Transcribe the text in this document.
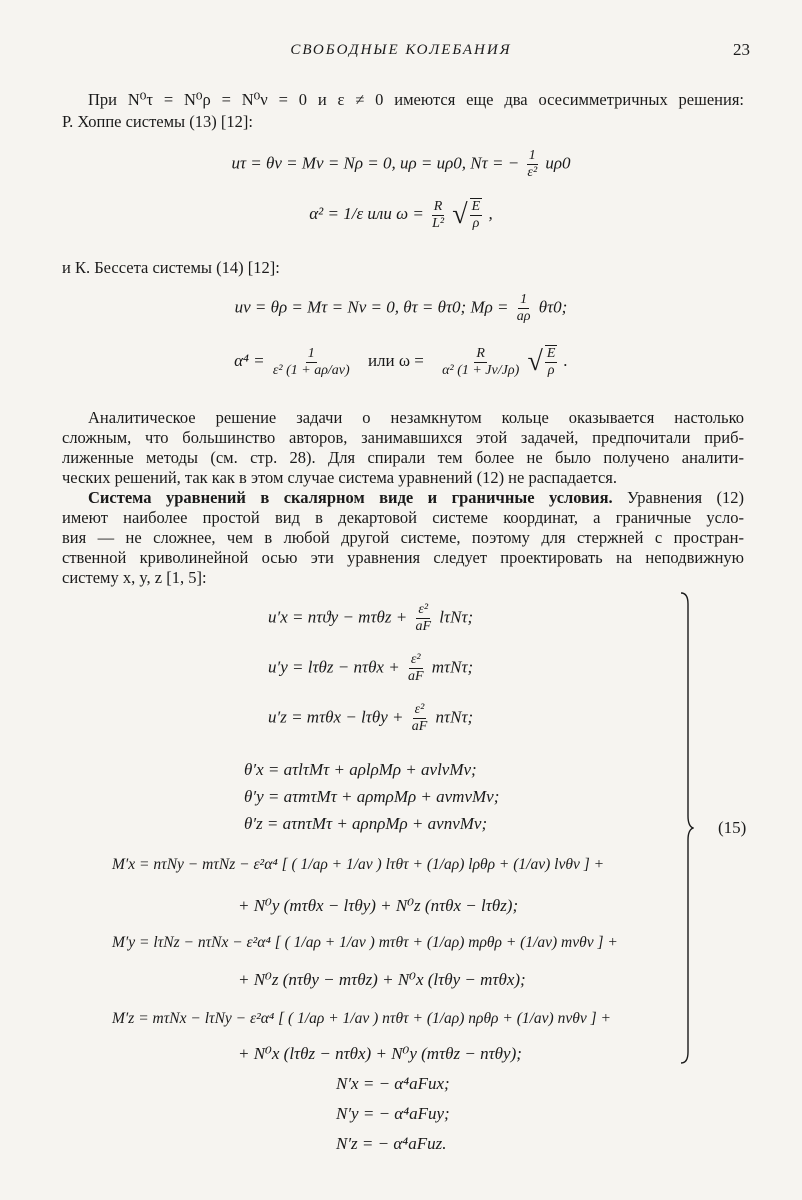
СВОБОДНЫЕ КОЛЕБАНИЯ	23
При N⁰τ = N⁰ρ = N⁰ν = 0 и ε ≠ 0 имеются еще два осесимметричных решения:
Р. Хоппе системы (13) [12]:
uτ = θν = Mν = Nρ = 0, uρ = uρ0, Nτ = − $\frac{1}{\text{ε²}} u\rho 0$
α² = 1/ε или $\omega = \frac{R}{\text{L²}}$ √ $\frac{E}{\rho}$ ,
и К. Бессета системы (14) [12]:
uν = θρ = Mτ = Nν = 0, θτ = θτ0; $M\rho = \frac{1}{a\rho} \theta\tau 0$;
$\alpha^4 = \frac{1}{\text{ε² (1 + aρ/aν)}}$ или $\omega = \frac{R}{\text{α² (1 + Jν/Jρ)}}$ √ $\frac{E}{\rho}$ .
Аналитическое решение задачи о незамкнутом кольце оказывается настолько
сложным, что большинство авторов, занимавшихся этой задачей, предпочитали приб-
лиженные методы (см. стр. 28). Для спирали тем более не было получено аналити-
ческих решений, так как в этом случае система уравнений (12) не распадается.
Система уравнений в скалярном виде и граничные условия. Уравнения (12)
имеют наиболее простой вид в декартовой системе координат, а граничные усло-
вия — не сложнее, чем в любой другой системе, поэтому для стержней с простран-
ственной криволинейной осью эти уравнения следует проектировать на неподвижную
систему x, y, z [1, 5]:
$u'x = n\tau ϑy - m\tau\theta z + \frac{\text{ε²}}{aF} l\tau N\tau$;
$u'y = l\tau\theta z - n\tau\theta x + \frac{\text{ε²}}{aF} m\tau N\tau$;
$u'z = m\tau\theta x - l\tau\theta y + \frac{\text{ε²}}{aF} n\tau N\tau$;
θ′x = aτlτMτ + aρlρMρ + aνlνMν;
θ′y = aτmτMτ + aρmρMρ + aνmνMν;
θ′z = aτnτMτ + aρnρMρ + aνnνMν;
M′x = nτNy − mτNz − ε²α⁴ [ ( 1/aρ + 1/aν ) lτθτ + (1/aρ) lρθρ + (1/aν) lνθν ] +
+ N⁰y (mτθx − lτθy) + N⁰z (nτθx − lτθz);
M′y = lτNz − nτNx − ε²α⁴ [ ( 1/aρ + 1/aν ) mτθτ + (1/aρ) mρθρ + (1/aν) mνθν ] +
+ N⁰z (nτθy − mτθz) + N⁰x (lτθy − mτθx);
M′z = mτNx − lτNy − ε²α⁴ [ ( 1/aρ + 1/aν ) nτθτ + (1/aρ) nρθρ + (1/aν) nνθν ] +
+ N⁰x (lτθz − nτθx) + N⁰y (mτθz − nτθy);
N′x = − α⁴aFux;
N′y = − α⁴aFuy;
N′z = − α⁴aFuz.
(15)
